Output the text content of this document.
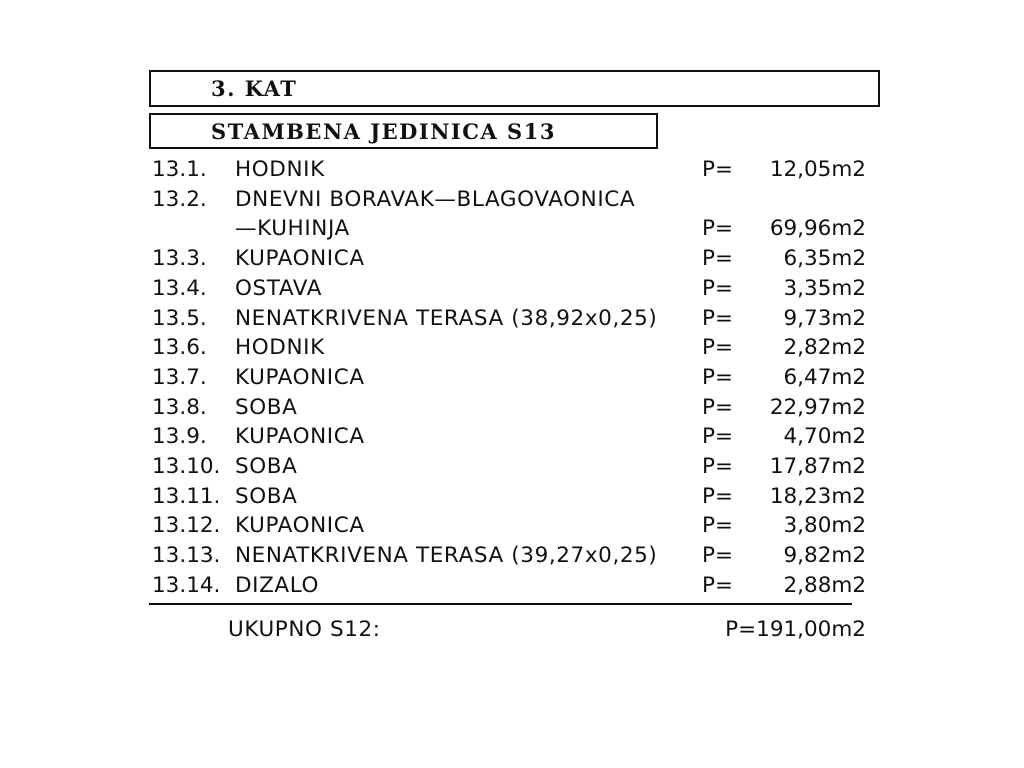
3. KAT
STAMBENA JEDINICA S13
13.1. HODNIK	P= 12,05m2
13.2. DNEVNI BORAVAK—BLAGOVAONICA
—KUHINJA	P= 69,96m2
13.3. KUPAONICA	P= 6,35m2
13.4. OSTAVA	P= 3,35m2
13.5. NENATKRIVENA TERASA (38,92x0,25) P= 9,73m2
13.6. HODNIK	P= 2,82m2
13.7. KUPAONICA	P= 6,47m2
13.8. SOBA	P= 22,97m2
13.9. KUPAONICA	P= 4,70m2
13.10. SOBA	P= 17,87m2
13.11. SOBA	P= 18,23m2
13.12. KUPAONICA	P= 3,80m2
13.13. NENATKRIVENA TERASA (39,27x0,25) P= 9,82m2
13.14. DIZALO	P= 2,88m2
UKUPNO S12:	P=191,00m2
